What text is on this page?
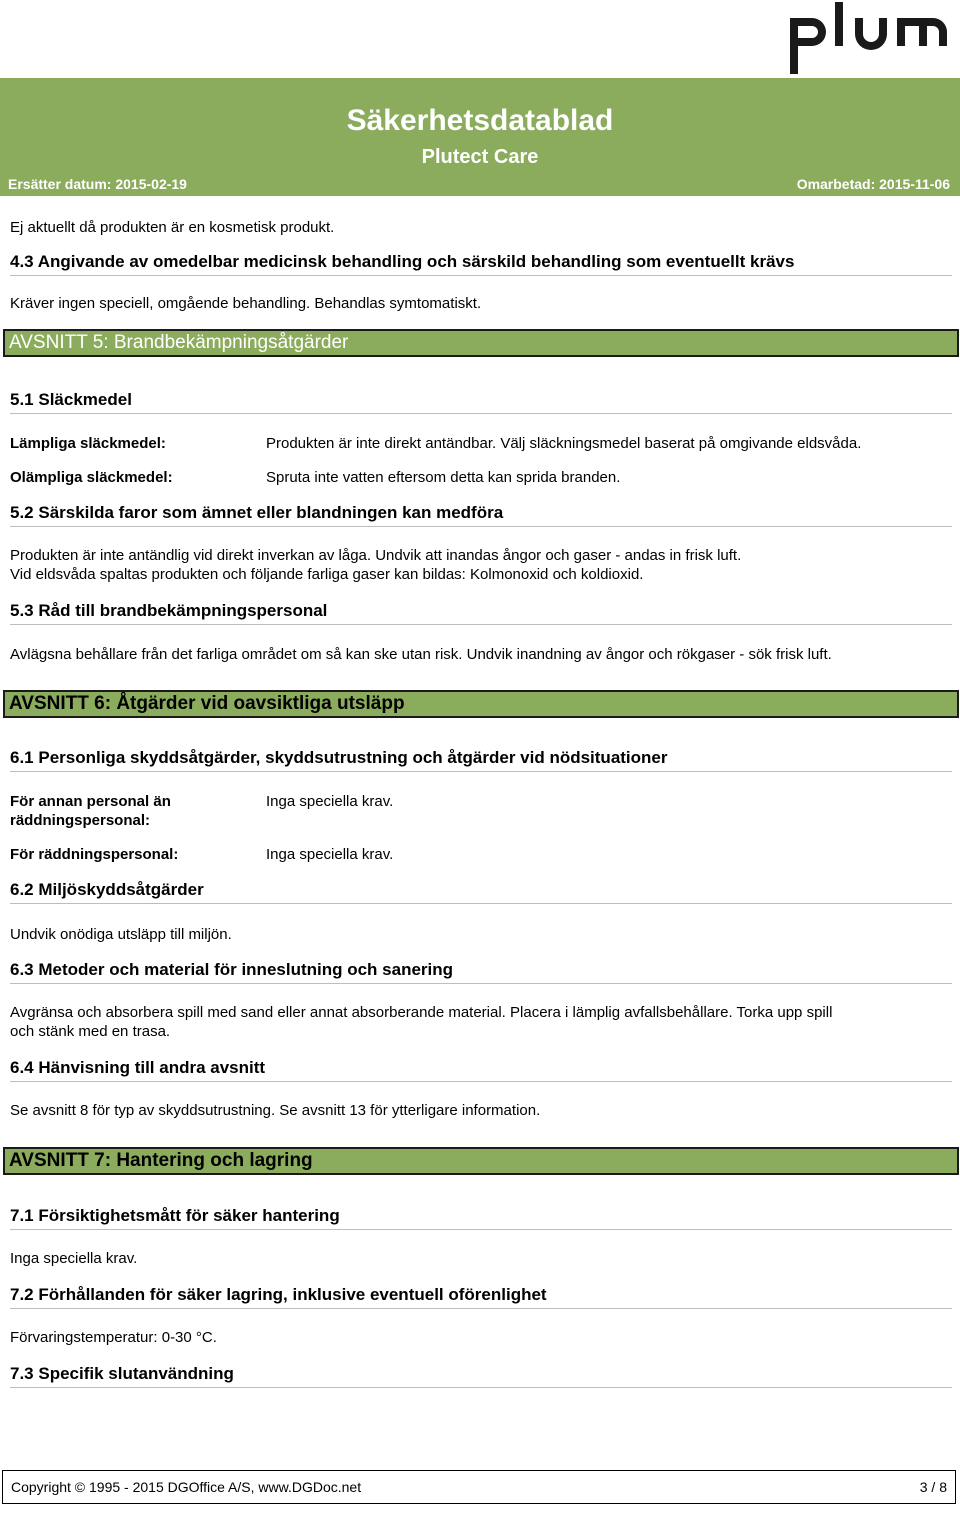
Säkerhetsdatablad
Plutect Care
Ersätter datum: 2015-02-19	Omarbetad: 2015-11-06
Ej aktuellt då produkten är en kosmetisk produkt.
4.3 Angivande av omedelbar medicinsk behandling och särskild behandling som eventuellt krävs
Kräver ingen speciell, omgående behandling. Behandlas symtomatiskt.
AVSNITT 5: Brandbekämpningsåtgärder
5.1 Släckmedel
Lämpliga släckmedel:	Produkten är inte direkt antändbar. Välj släckningsmedel baserat på omgivande eldsvåda.
Olämpliga släckmedel:	Spruta inte vatten eftersom detta kan sprida branden.
5.2 Särskilda faror som ämnet eller blandningen kan medföra
Produkten är inte antändlig vid direkt inverkan av låga. Undvik att inandas ångor och gaser - andas in frisk luft.
Vid eldsvåda spaltas produkten och följande farliga gaser kan bildas: Kolmonoxid och koldioxid.
5.3 Råd till brandbekämpningspersonal
Avlägsna behållare från det farliga området om så kan ske utan risk. Undvik inandning av ångor och rökgaser - sök frisk luft.
AVSNITT 6: Åtgärder vid oavsiktliga utsläpp
6.1 Personliga skyddsåtgärder, skyddsutrustning och åtgärder vid nödsituationer
För annan personal än
räddningspersonal:
Inga speciella krav.
För räddningspersonal:	Inga speciella krav.
6.2 Miljöskyddsåtgärder
Undvik onödiga utsläpp till miljön.
6.3 Metoder och material för inneslutning och sanering
Avgränsa och absorbera spill med sand eller annat absorberande material. Placera i lämplig avfallsbehållare. Torka upp spill
och stänk med en trasa.
6.4 Hänvisning till andra avsnitt
Se avsnitt 8 för typ av skyddsutrustning. Se avsnitt 13 för ytterligare information.
AVSNITT 7: Hantering och lagring
7.1 Försiktighetsmått för säker hantering
Inga speciella krav.
7.2 Förhållanden för säker lagring, inklusive eventuell oförenlighet
Förvaringstemperatur: 0-30 °C.
7.3 Specifik slutanvändning
Copyright © 1995 - 2015 DGOffice A/S, www.DGDoc.net	3 / 8
